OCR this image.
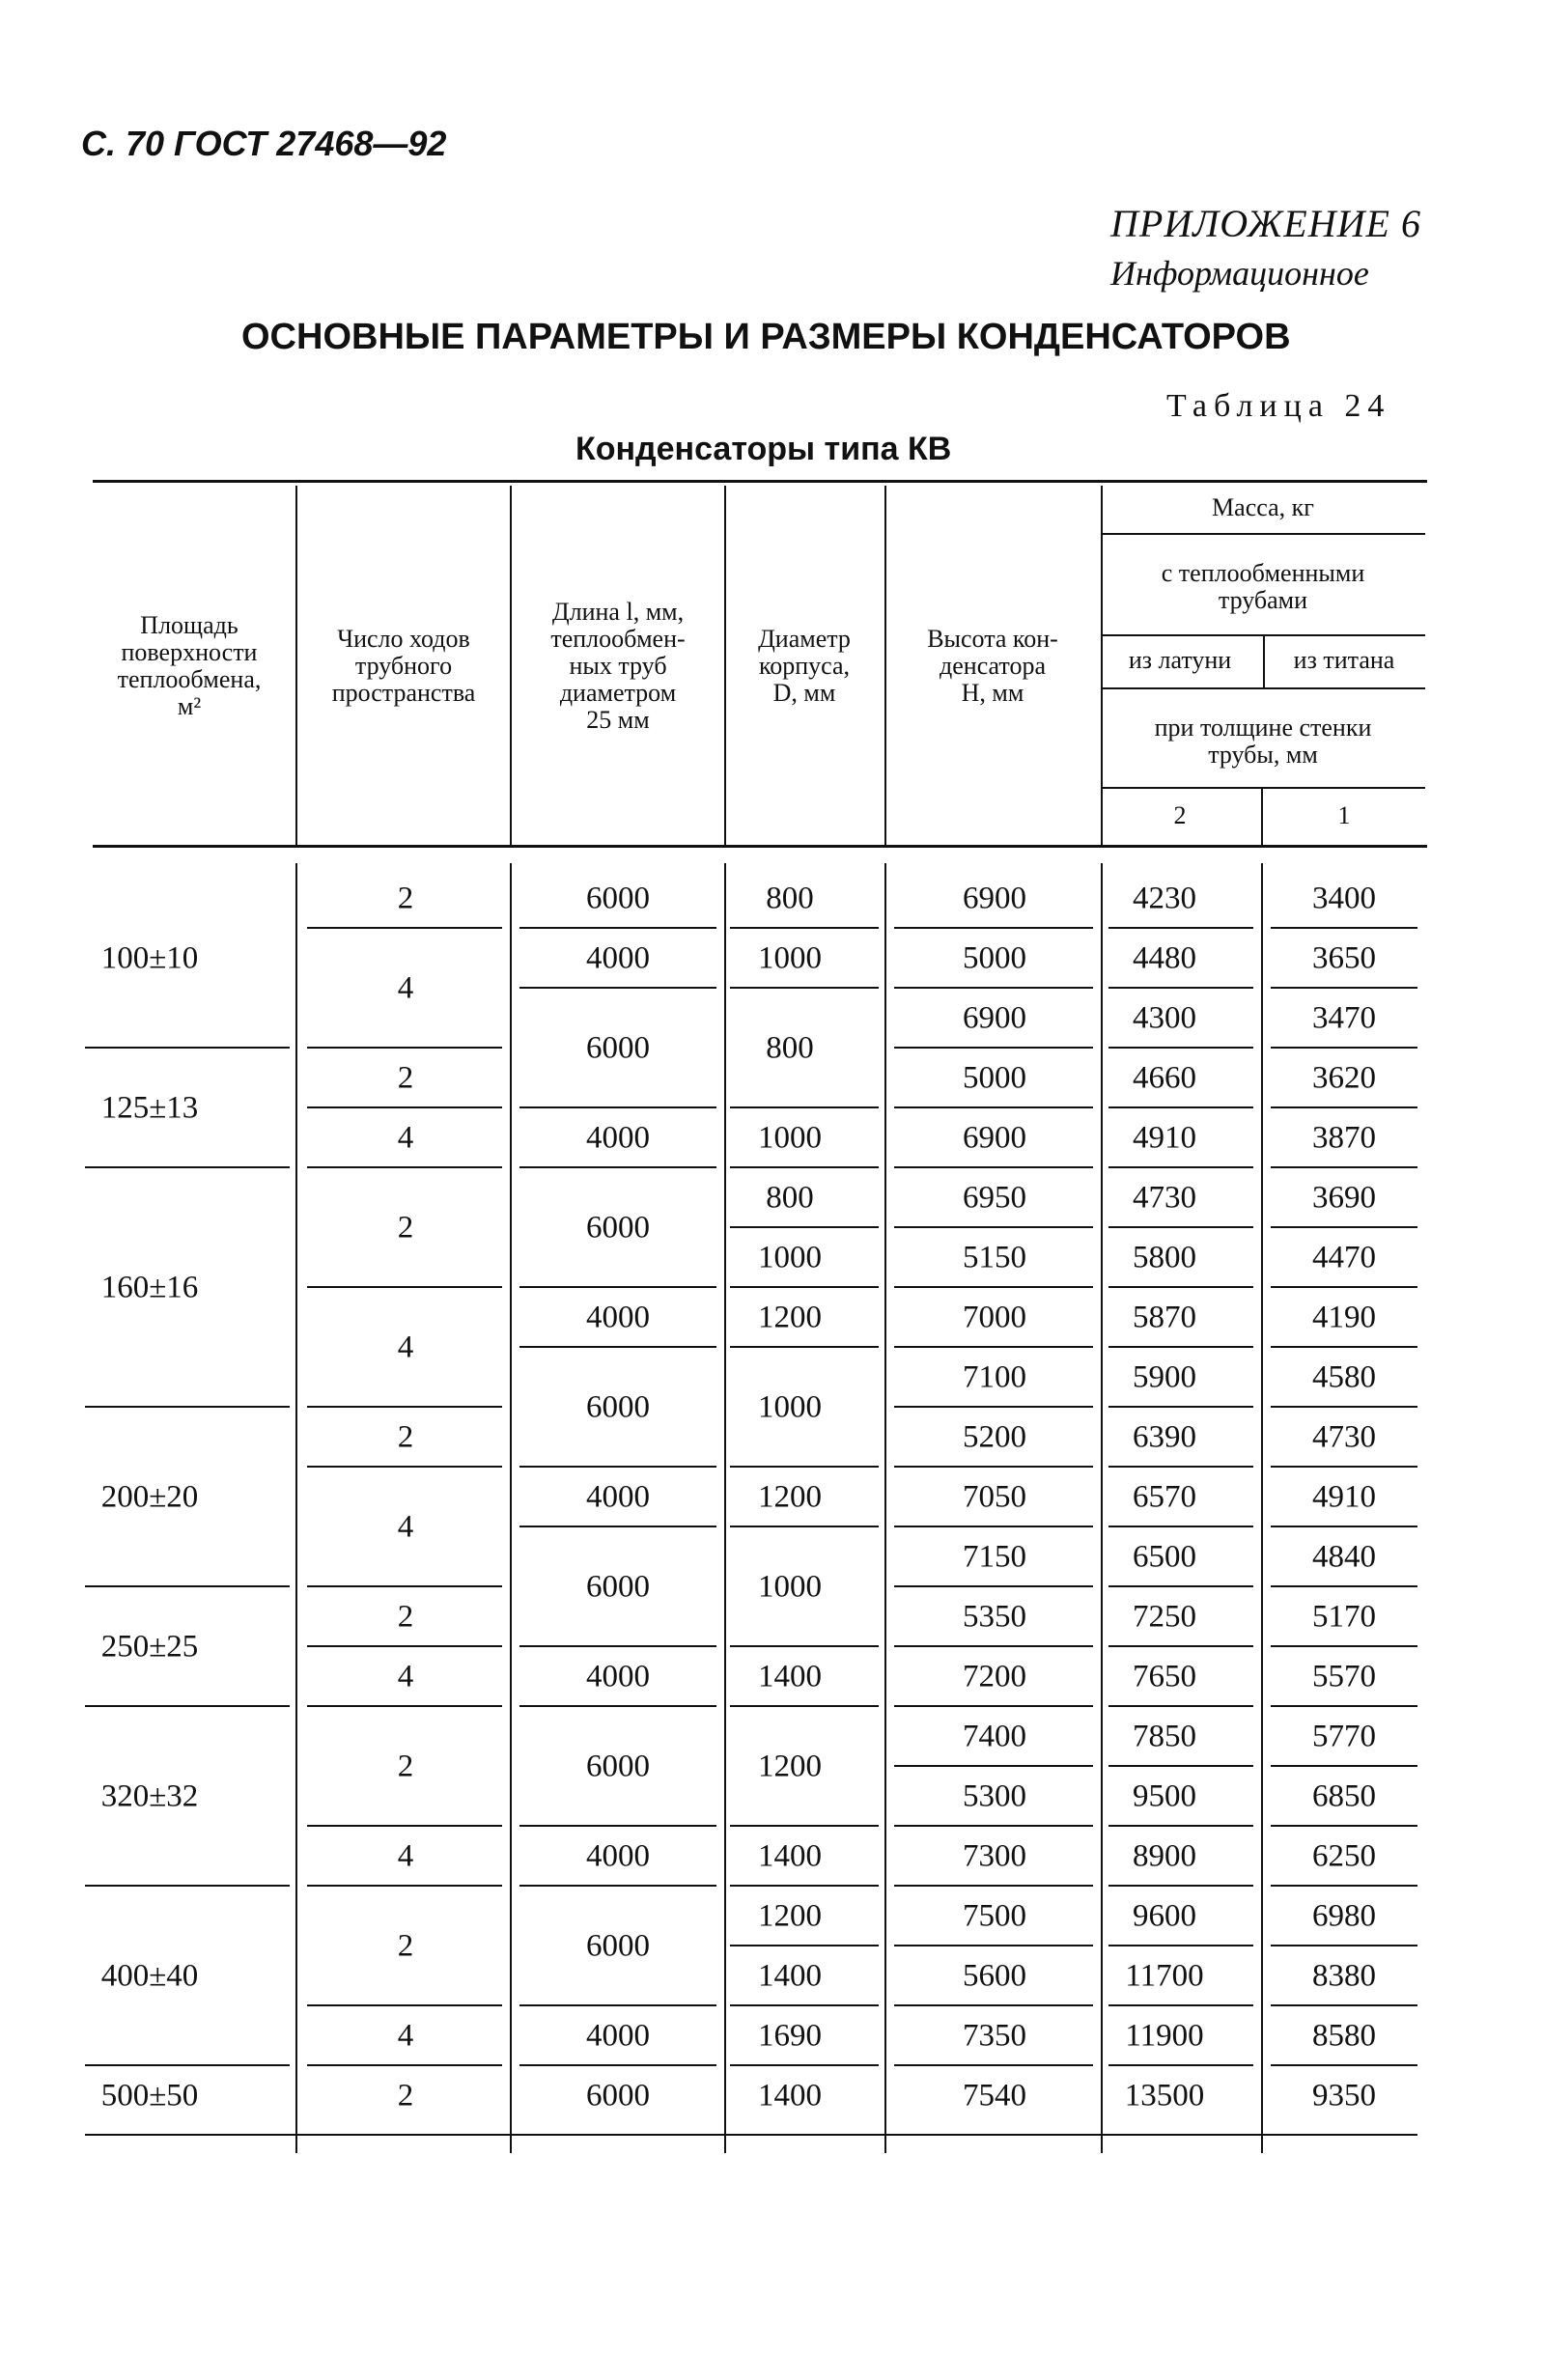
С. 70 ГОСТ 27468—92
ПРИЛОЖЕНИЕ 6
Информационное
ОСНОВНЫЕ ПАРАМЕТРЫ И РАЗМЕРЫ КОНДЕНСАТОРОВ
Таблица 24
Конденсаторы типа КВ
Площадь
поверхности
теплообмена,
м²
Число ходов
трубного
пространства
Длина l, мм,
теплообмен-
ных труб
диаметром
25 мм
Диаметр
корпуса,
D, мм
Высота кон-
денсатора
H, мм
Масса, кг
с теплообменными
трубами
из латуни из титана
при толщине стенки
трубы, мм
2	1
100±10
125±13
160±16
200±20
250±25
320±32
400±40
500±50
2
4
2
4
2
4
2
4
2
4
2
4
2
4
2
6000
4000
6000
4000
6000
4000
6000
4000
6000
4000
6000
4000
6000
4000
6000
800
1000
800
1000
800
1000
1200
1000
1200
1000
1400
1200
1400
1200
1400
1690
1400
6900
5000
6900
5000
6900
6950
5150
7000
7100
5200
7050
7150
5350
7200
7400
5300
7300
7500
5600
7350
7540
4230
4480
4300
4660
4910
4730
5800
5870
5900
6390
6570
6500
7250
7650
7850
9500
8900
9600
11700
11900
13500
3400
3650
3470
3620
3870
3690
4470
4190
4580
4730
4910
4840
5170
5570
5770
6850
6250
6980
8380
8580
9350
